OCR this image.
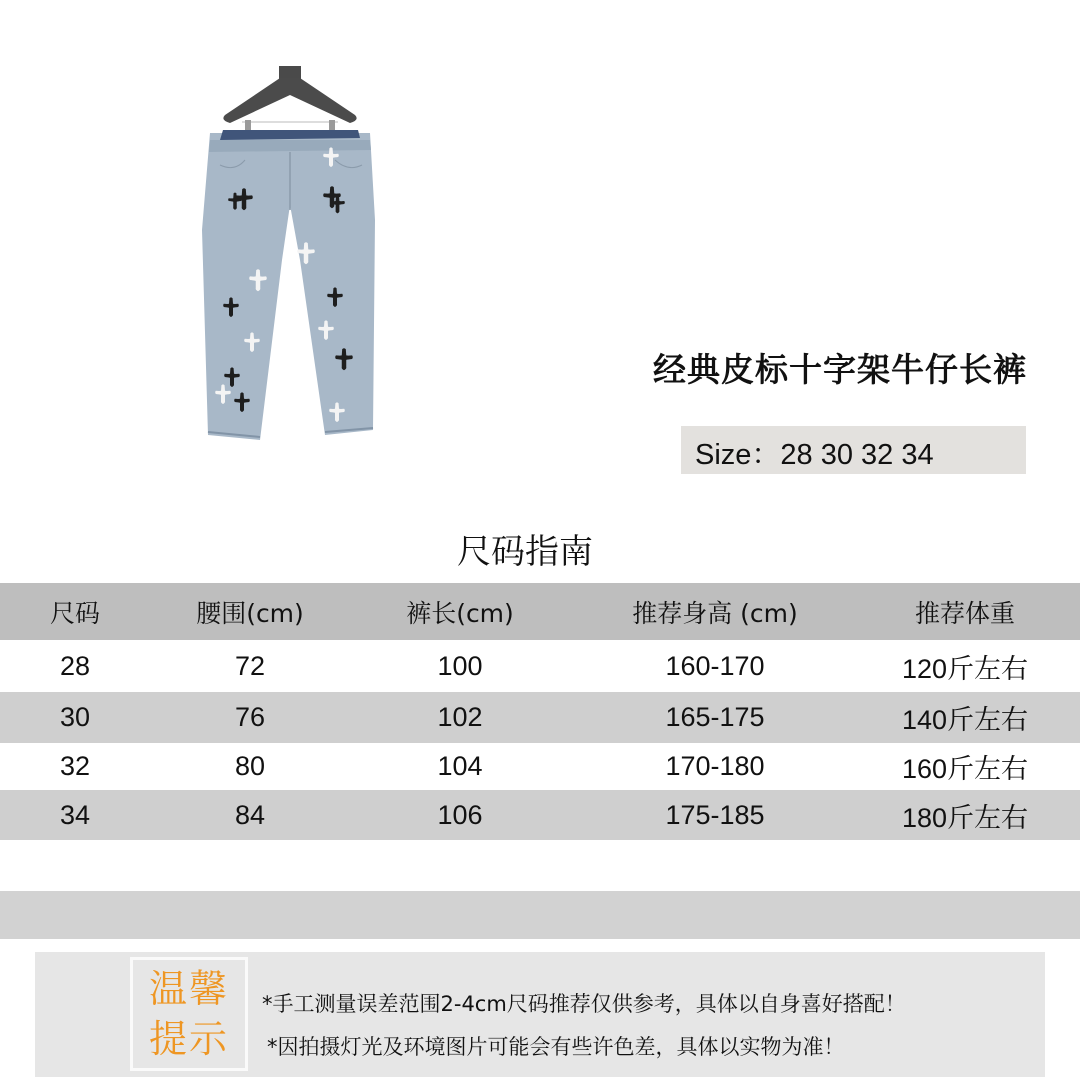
经典皮标十字架牛仔长裤
Size：28 30 32 34
尺码指南
尺码	腰围(cm)	裤长(cm)	推荐身高 (cm)	推荐体重
28	72	100	160-170	120斤左右
30	76	102	165-175	140斤左右
32	80	104	170-180	160斤左右
34	84	106	175-185	180斤左右
温馨
提示
*手工测量误差范围2-4cm尺码推荐仅供参考，具体以自身喜好搭配！
*因拍摄灯光及环境图片可能会有些许色差，具体以实物为准！
